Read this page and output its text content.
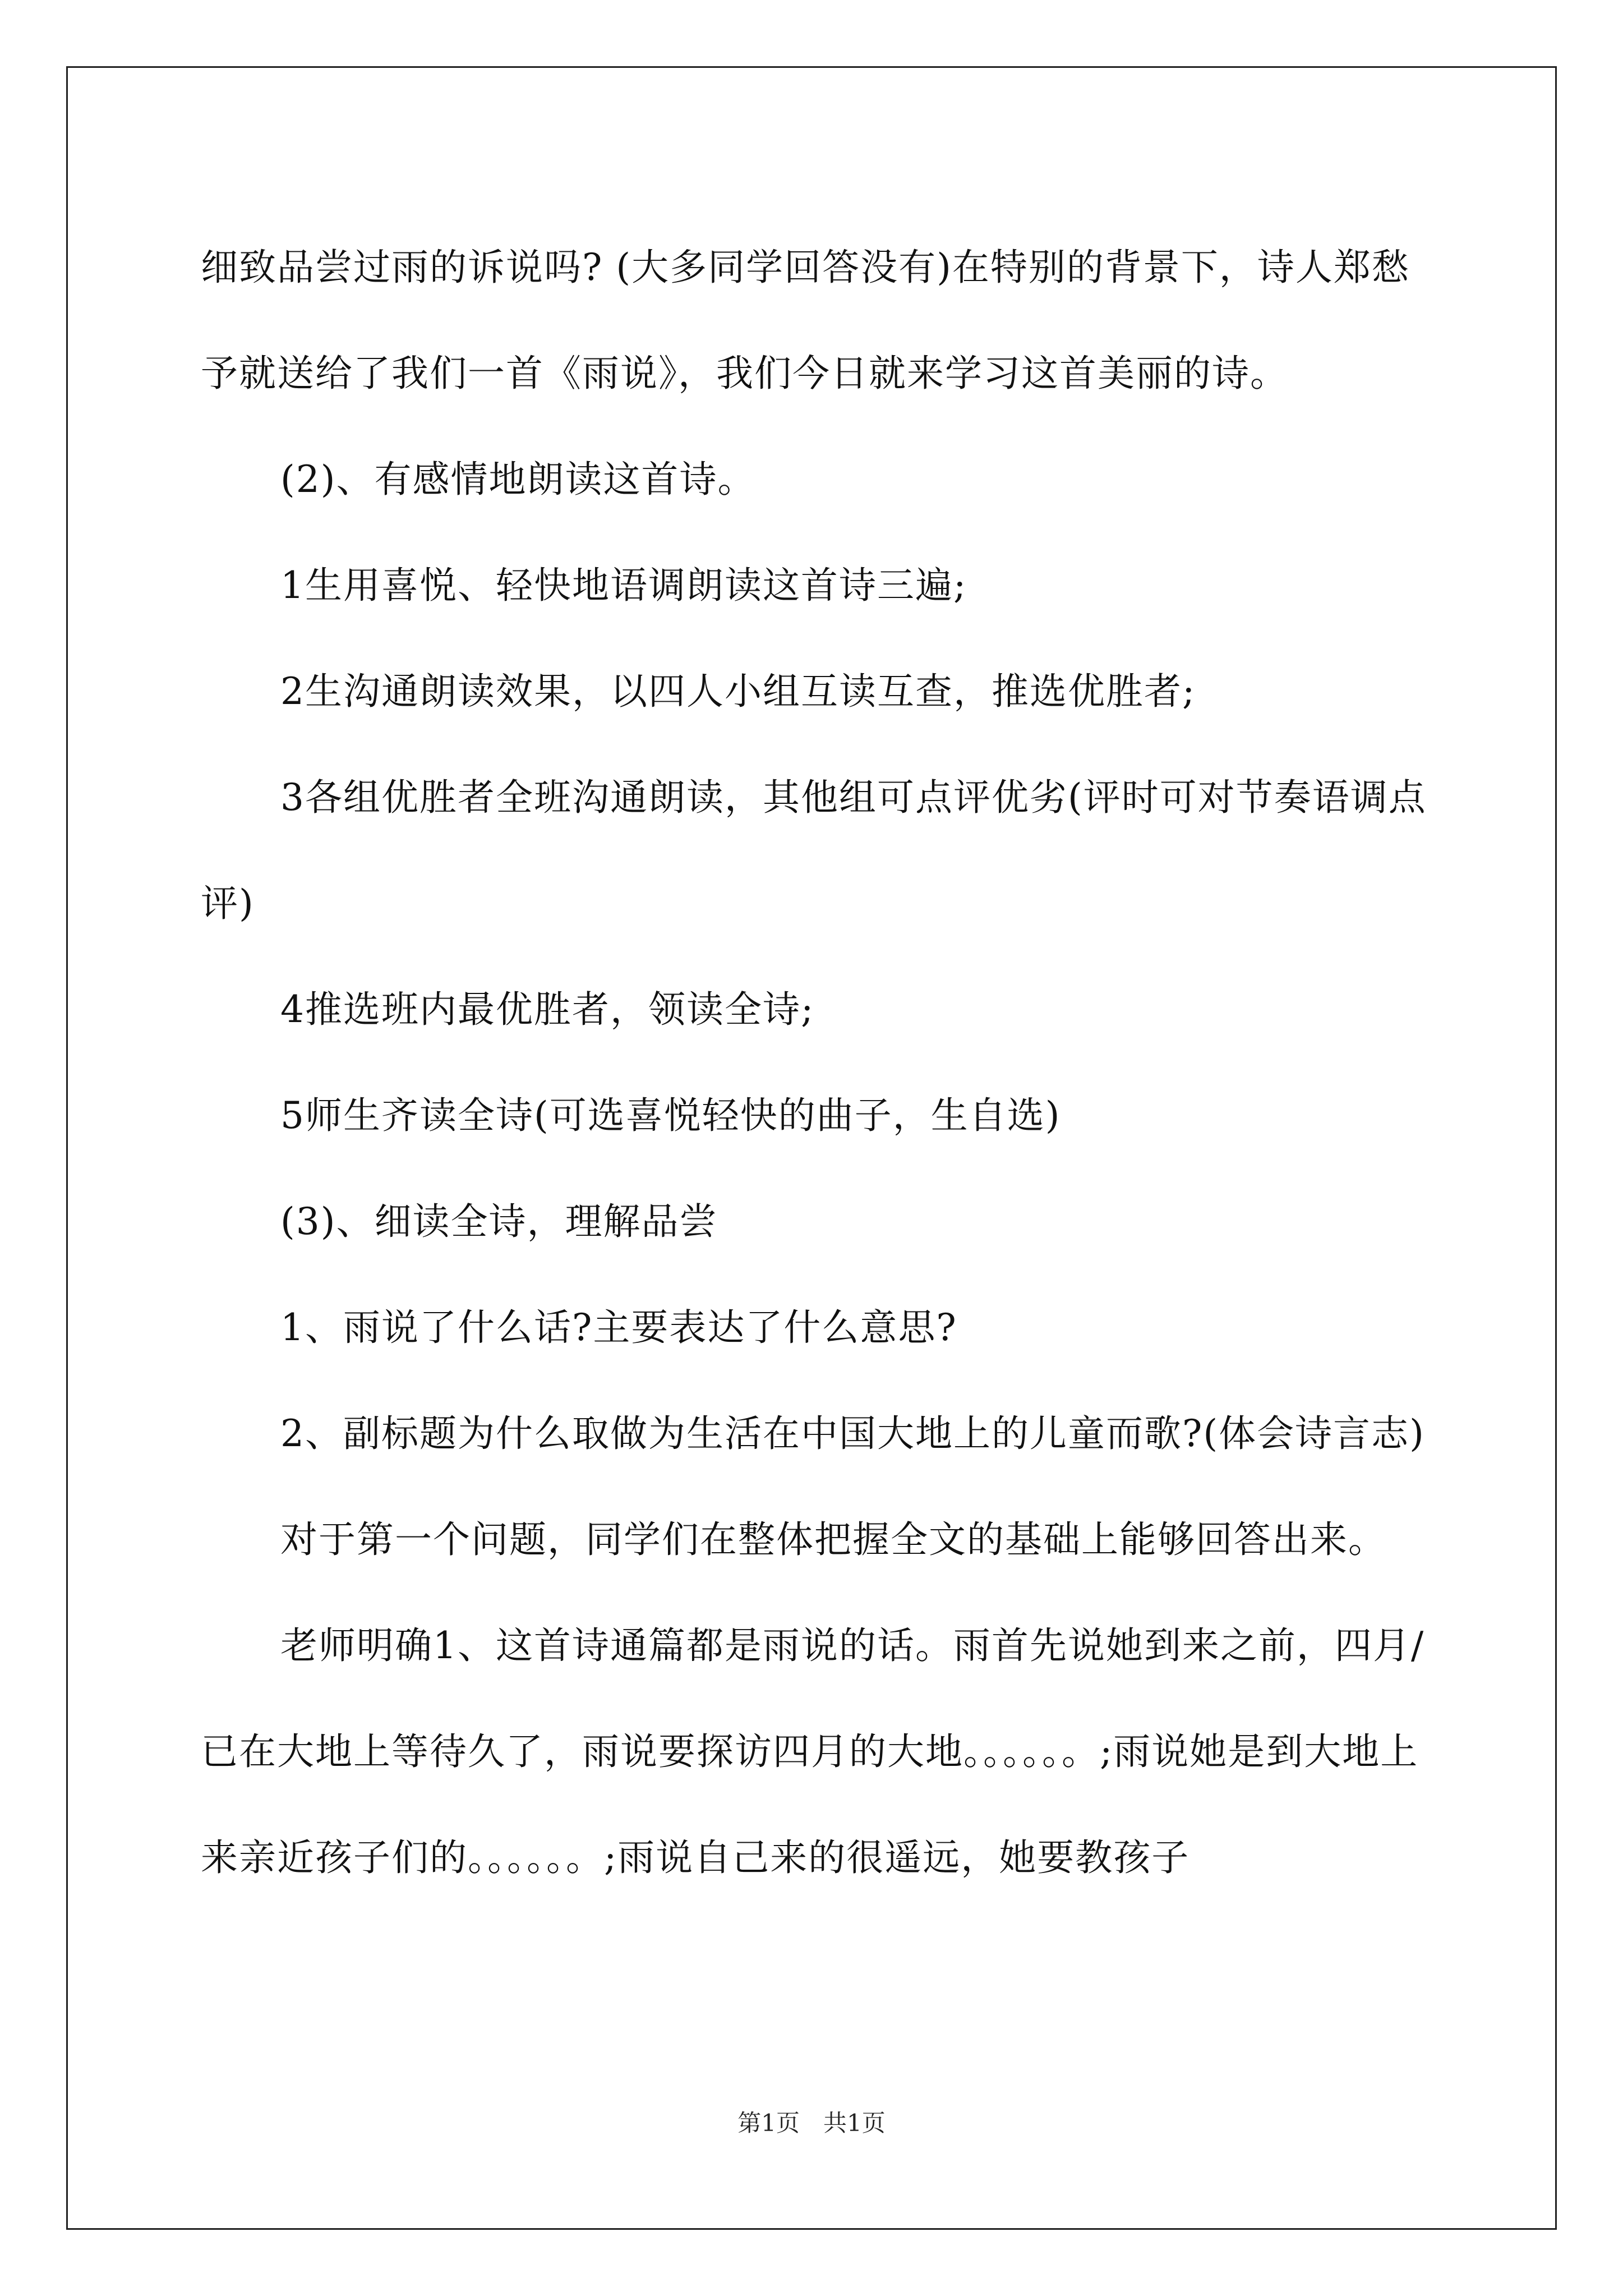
细致品尝过雨的诉说吗? (大多同学回答没有)在特别的背景下，诗人郑愁予就送给了我们一首《雨说》，我们今日就来学习这首美丽的诗。

(2)、有感情地朗读这首诗。

1生用喜悦、轻快地语调朗读这首诗三遍;

2生沟通朗读效果，以四人小组互读互查，推选优胜者;

3各组优胜者全班沟通朗读，其他组可点评优劣(评时可对节奏语调点评)

4推选班内最优胜者，领读全诗;

5师生齐读全诗(可选喜悦轻快的曲子，生自选)

(3)、细读全诗，理解品尝

1、雨说了什么话?主要表达了什么意思?

2、副标题为什么取做为生活在中国大地上的儿童而歌?(体会诗言志)

对于第一个问题，同学们在整体把握全文的基础上能够回答出来。

老师明确1、这首诗通篇都是雨说的话。雨首先说她到来之前，四月/已在大地上等待久了，雨说要探访四月的大地。。。。。。;雨说她是到大地上来亲近孩子们的。。。。。。;雨说自己来的很遥远，她要教孩子

第1页　共1页
